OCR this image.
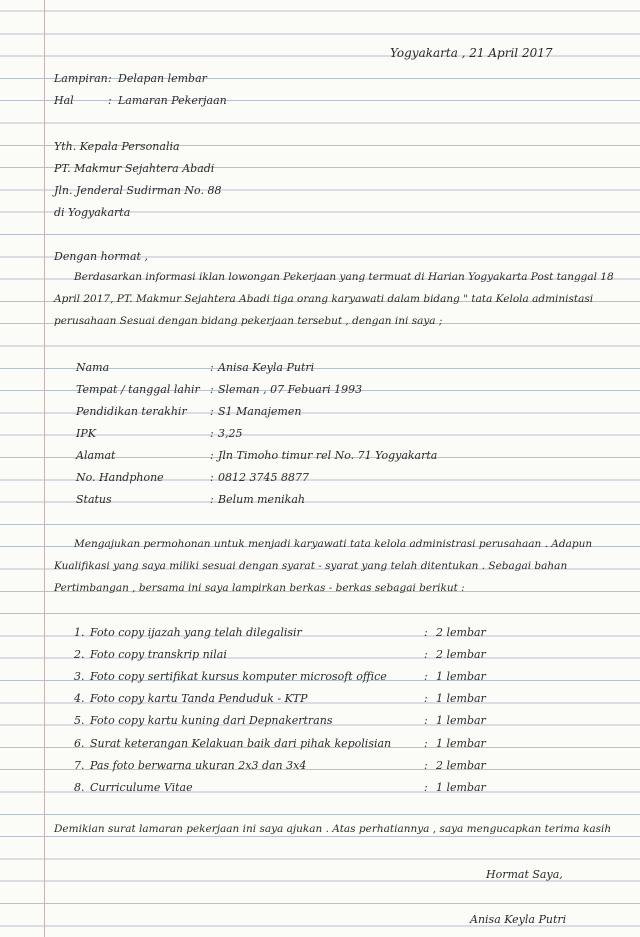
Yogyakarta , 21 April 2017
Lampiran : Delapan lembar
Hal	: Lamaran Pekerjaan
Yth. Kepala Personalia
PT. Makmur Sejahtera Abadi
Jln. Jenderal Sudirman No. 88
di Yogyakarta
Dengan hormat ,
Berdasarkan informasi iklan lowongan Pekerjaan yang termuat di Harian Yogyakarta Post tanggal 18 April 2017, PT. Makmur Sejahtera Abadi tiga orang karyawati dalam bidang " tata Kelola administasi perusahaan Sesuai dengan bidang pekerjaan tersebut , dengan ini saya ;
Nama	: Anisa Keyla Putri
Tempat / tanggal lahir : Sleman , 07 Febuari 1993
Pendidikan terakhir : S1 Manajemen
IPK	: 3,25
Alamat	: Jln Timoho timur rel No. 71 Yogyakarta
No. Handphone	: 0812 3745 8877
Status	: Belum menikah
Mengajukan permohonan untuk menjadi karyawati tata kelola administrasi perusahaan . Adapun Kualifikasi yang saya miliki sesuai dengan syarat - syarat yang telah ditentukan . Sebagai bahan Pertimbangan , bersama ini saya lampirkan berkas - berkas sebagai berikut :
1. Foto copy ijazah yang telah dilegalisir	: 2 lembar
2. Foto copy transkrip nilai	: 2 lembar
3. Foto copy sertifikat kursus komputer microsoft office	: 1 lembar
4. Foto copy kartu Tanda Penduduk - KTP	: 1 lembar
5. Foto copy kartu kuning dari Depnakertrans	: 1 lembar
6. Surat keterangan Kelakuan baik dari pihak kepolisian	: 1 lembar
7. Pas foto berwarna ukuran 2x3 dan 3x4	: 2 lembar
8. Curriculume Vitae	: 1 lembar
Demikian surat lamaran pekerjaan ini saya ajukan . Atas perhatiannya , saya mengucapkan terima kasih
Hormat Saya,
Anisa Keyla Putri
